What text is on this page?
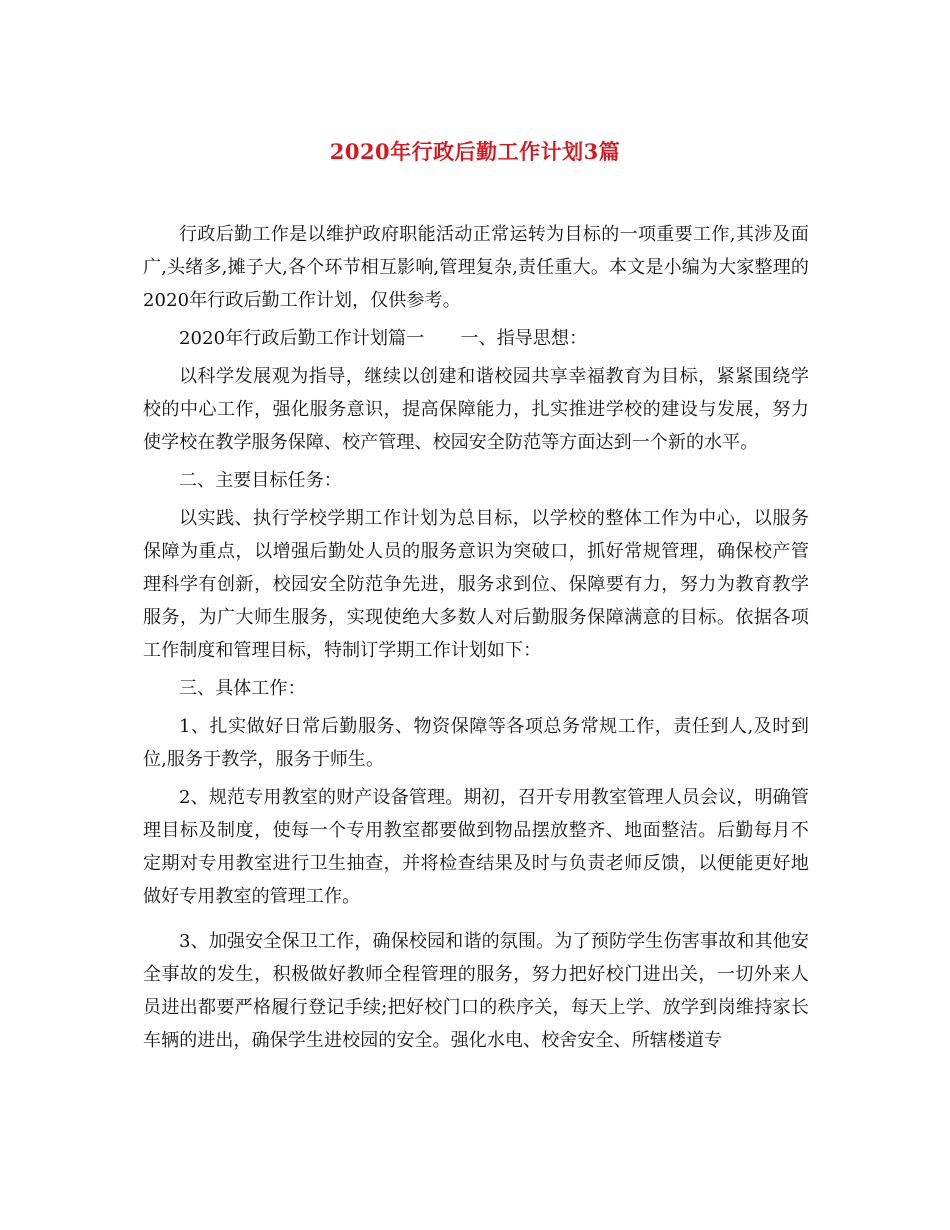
2020年行政后勤工作计划3篇

行政后勤工作是以维护政府职能活动正常运转为目标的一项重要工作,其涉及面广,头绪多,摊子大,各个环节相互影响,管理复杂,责任重大。本文是小编为大家整理的2020年行政后勤工作计划，仅供参考。

2020年行政后勤工作计划篇一　　一、指导思想：

以科学发展观为指导，继续以创建和谐校园共享幸福教育为目标，紧紧围绕学校的中心工作，强化服务意识，提高保障能力，扎实推进学校的建设与发展，努力使学校在教学服务保障、校产管理、校园安全防范等方面达到一个新的水平。

二、主要目标任务：

以实践、执行学校学期工作计划为总目标，以学校的整体工作为中心，以服务保障为重点，以增强后勤处人员的服务意识为突破口，抓好常规管理，确保校产管理科学有创新，校园安全防范争先进，服务求到位、保障要有力，努力为教育教学服务，为广大师生服务，实现使绝大多数人对后勤服务保障满意的目标。依据各项工作制度和管理目标，特制订学期工作计划如下：

三、具体工作：

1、扎实做好日常后勤服务、物资保障等各项总务常规工作，责任到人,及时到位,服务于教学，服务于师生。

2、规范专用教室的财产设备管理。期初，召开专用教室管理人员会议，明确管理目标及制度，使每一个专用教室都要做到物品摆放整齐、地面整洁。后勤每月不定期对专用教室进行卫生抽查，并将检查结果及时与负责老师反馈，以便能更好地做好专用教室的管理工作。

3、加强安全保卫工作，确保校园和谐的氛围。为了预防学生伤害事故和其他安全事故的发生，积极做好教师全程管理的服务，努力把好校门进出关，一切外来人员进出都要严格履行登记手续;把好校门口的秩序关，每天上学、放学到岗维持家长车辆的进出，确保学生进校园的安全。强化水电、校舍安全、所辖楼道专
